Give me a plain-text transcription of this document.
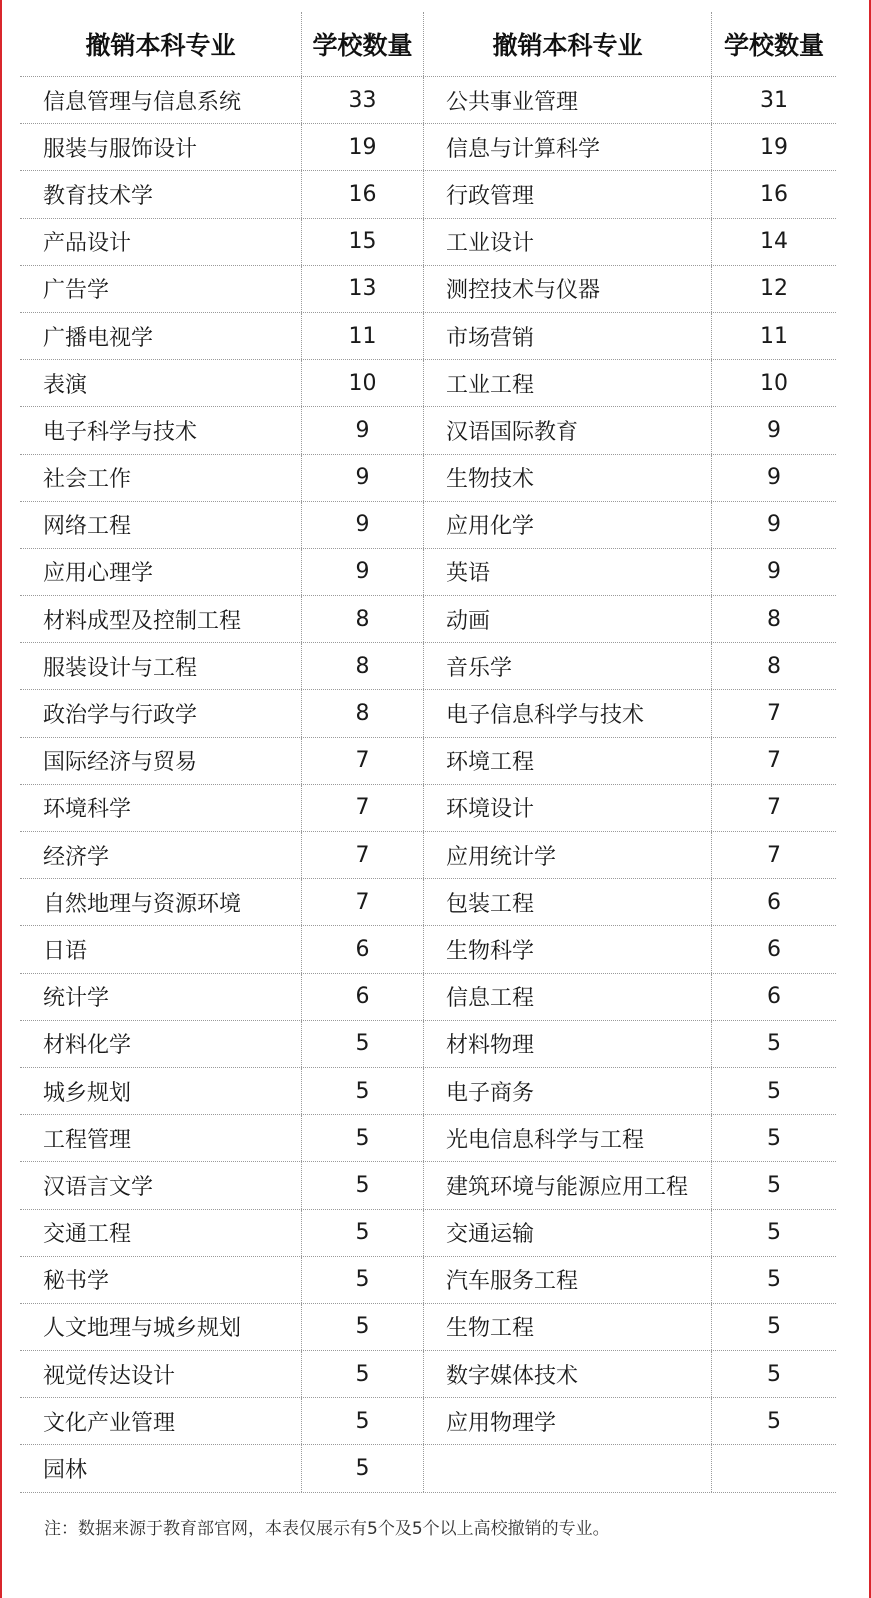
撤销本科专业	学校数量	撤销本科专业	学校数量
信息管理与信息系统	33	公共事业管理	31
服装与服饰设计	19	信息与计算科学	19
教育技术学	16	行政管理	16
产品设计	15	工业设计	14
广告学	13	测控技术与仪器	12
广播电视学	11	市场营销	11
表演	10	工业工程	10
电子科学与技术	9	汉语国际教育	9
社会工作	9	生物技术	9
网络工程	9	应用化学	9
应用心理学	9	英语	9
材料成型及控制工程	8	动画	8
服装设计与工程	8	音乐学	8
政治学与行政学	8	电子信息科学与技术	7
国际经济与贸易	7	环境工程	7
环境科学	7	环境设计	7
经济学	7	应用统计学	7
自然地理与资源环境	7	包装工程	6
日语	6	生物科学	6
统计学	6	信息工程	6
材料化学	5	材料物理	5
城乡规划	5	电子商务	5
工程管理	5	光电信息科学与工程	5
汉语言文学	5	建筑环境与能源应用工程	5
交通工程	5	交通运输	5
秘书学	5	汽车服务工程	5
人文地理与城乡规划	5	生物工程	5
视觉传达设计	5	数字媒体技术	5
文化产业管理	5	应用物理学	5
园林	5
注：数据来源于教育部官网，本表仅展示有5个及5个以上高校撤销的专业。
